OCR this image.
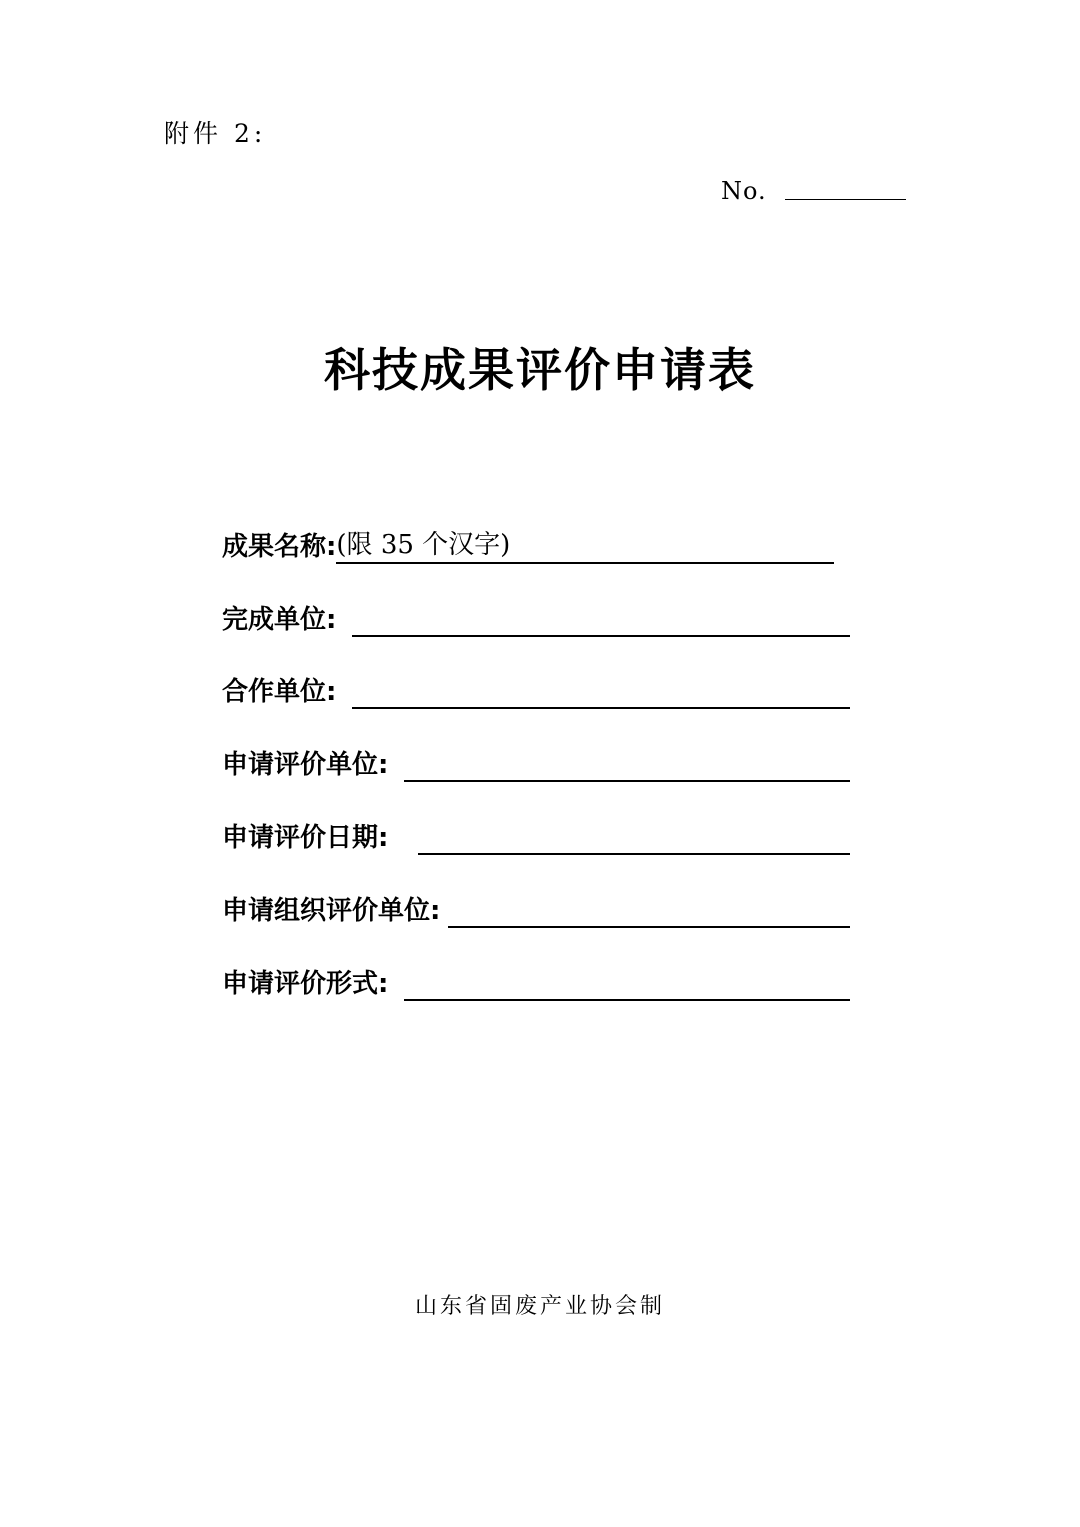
附件 2:
No.
科技成果评价申请表
成果名称: (限 35 个汉字)
完成单位:
合作单位:
申请评价单位:
申请评价日期:
申请组织评价单位:
申请评价形式:
山东省固废产业协会制
